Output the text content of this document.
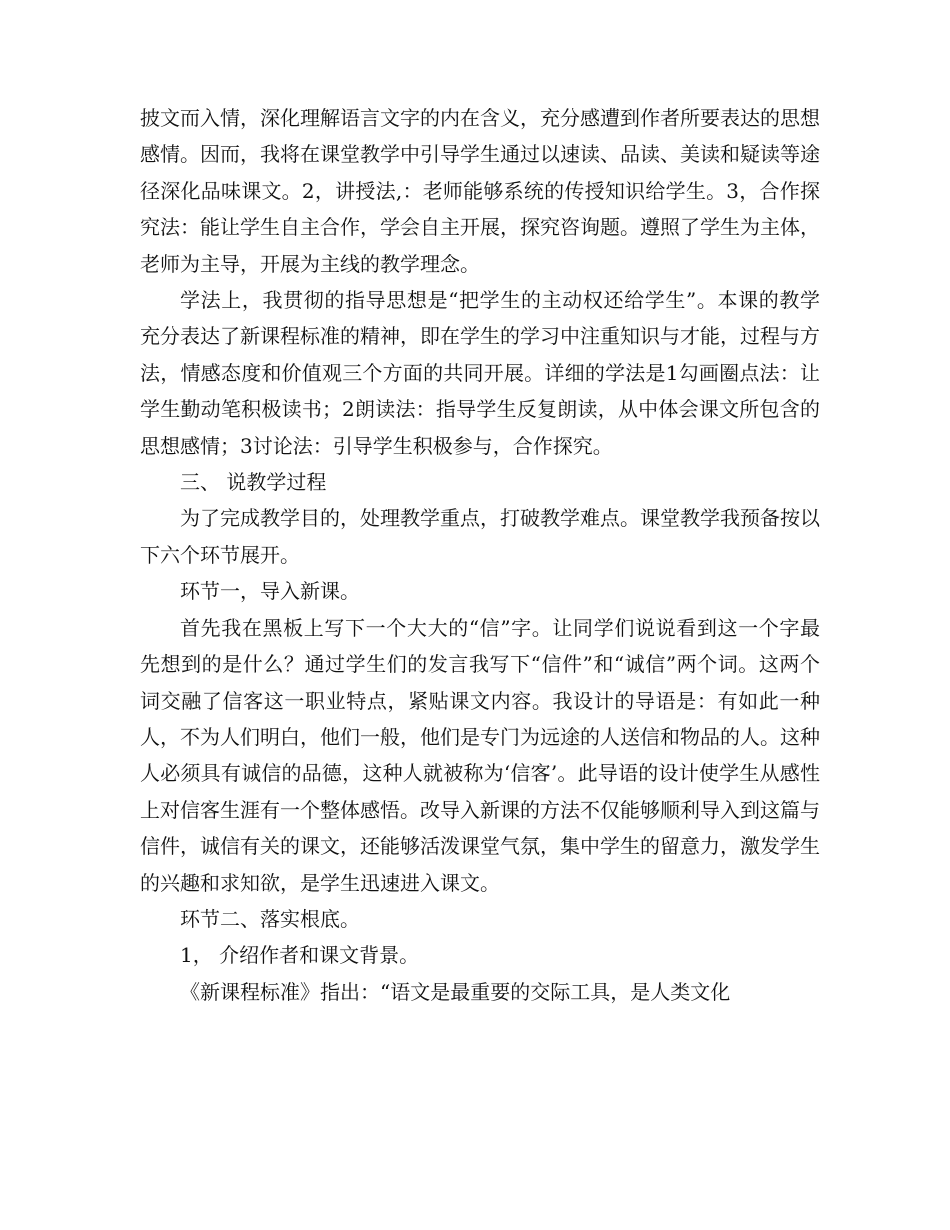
披文而入情，深化理解语言文字的内在含义，充分感遭到作者所要表达的思想感情。因而，我将在课堂教学中引导学生通过以速读、品读、美读和疑读等途径深化品味课文。2，讲授法,：老师能够系统的传授知识给学生。3，合作探究法：能让学生自主合作，学会自主开展，探究咨询题。遵照了学生为主体，老师为主导，开展为主线的教学理念。

学法上，我贯彻的指导思想是“把学生的主动权还给学生”。本课的教学充分表达了新课程标准的精神，即在学生的学习中注重知识与才能，过程与方法，情感态度和价值观三个方面的共同开展。详细的学法是1勾画圈点法：让学生勤动笔积极读书；2朗读法：指导学生反复朗读，从中体会课文所包含的思想感情；3讨论法：引导学生积极参与，合作探究。

三、 说教学过程

为了完成教学目的，处理教学重点，打破教学难点。课堂教学我预备按以下六个环节展开。

环节一，导入新课。

首先我在黑板上写下一个大大的“信”字。让同学们说说看到这一个字最先想到的是什么？通过学生们的发言我写下“信件”和“诚信”两个词。这两个词交融了信客这一职业特点，紧贴课文内容。我设计的导语是：有如此一种人，不为人们明白，他们一般，他们是专门为远途的人送信和物品的人。这种人必须具有诚信的品德，这种人就被称为‘信客’。此导语的设计使学生从感性上对信客生涯有一个整体感悟。改导入新课的方法不仅能够顺利导入到这篇与信件，诚信有关的课文，还能够活泼课堂气氛，集中学生的留意力，激发学生的兴趣和求知欲，是学生迅速进入课文。

环节二、落实根底。

1， 介绍作者和课文背景。

《新课程标准》指出：“语文是最重要的交际工具，是人类文化
